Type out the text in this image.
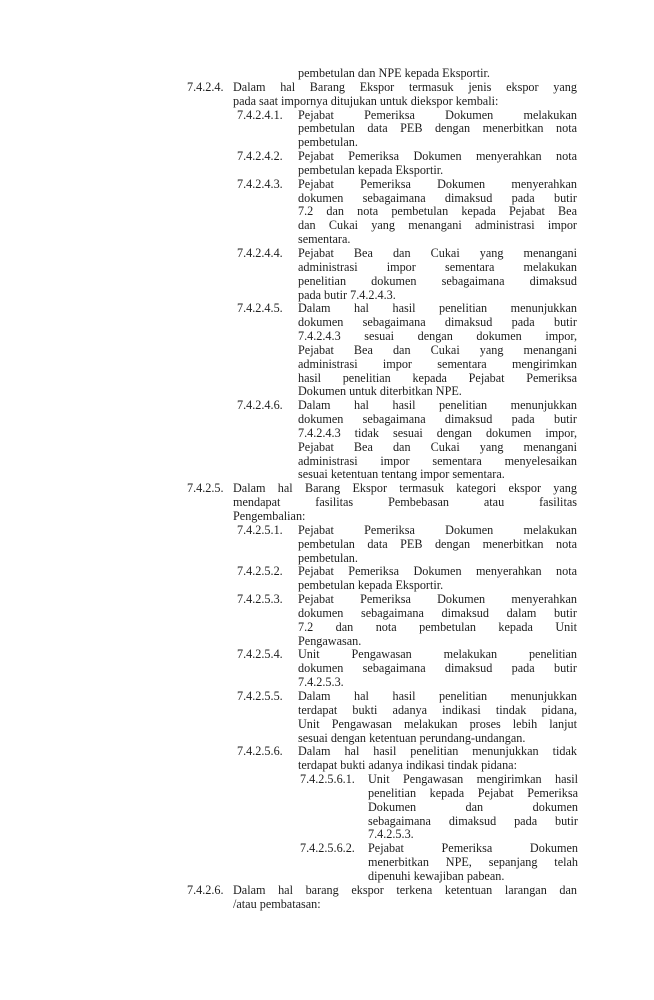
pembetulan dan NPE kepada Eksportir.
7.4.2.4. Dalam hal Barang Ekspor termasuk jenis ekspor yang
pada saat impornya ditujukan untuk diekspor kembali:
7.4.2.4.1. Pejabat Pemeriksa Dokumen melakukan
pembetulan data PEB dengan menerbitkan nota
pembetulan.
7.4.2.4.2. Pejabat Pemeriksa Dokumen menyerahkan nota
pembetulan kepada Eksportir.
7.4.2.4.3. Pejabat Pemeriksa Dokumen menyerahkan
dokumen sebagaimana dimaksud pada butir
7.2 dan nota pembetulan kepada Pejabat Bea
dan Cukai yang menangani administrasi impor
sementara.
7.4.2.4.4. Pejabat Bea dan Cukai yang menangani
administrasi impor sementara melakukan
penelitian dokumen sebagaimana dimaksud
pada butir 7.4.2.4.3.
7.4.2.4.5. Dalam hal hasil penelitian menunjukkan
dokumen sebagaimana dimaksud pada butir
7.4.2.4.3 sesuai dengan dokumen impor,
Pejabat Bea dan Cukai yang menangani
administrasi impor sementara mengirimkan
hasil penelitian kepada Pejabat Pemeriksa
Dokumen untuk diterbitkan NPE.
7.4.2.4.6. Dalam hal hasil penelitian menunjukkan
dokumen sebagaimana dimaksud pada butir
7.4.2.4.3 tidak sesuai dengan dokumen impor,
Pejabat Bea dan Cukai yang menangani
administrasi impor sementara menyelesaikan
sesuai ketentuan tentang impor sementara.
7.4.2.5. Dalam hal Barang Ekspor termasuk kategori ekspor yang
mendapat fasilitas Pembebasan atau fasilitas
Pengembalian:
7.4.2.5.1. Pejabat Pemeriksa Dokumen melakukan
pembetulan data PEB dengan menerbitkan nota
pembetulan.
7.4.2.5.2. Pejabat Pemeriksa Dokumen menyerahkan nota
pembetulan kepada Eksportir.
7.4.2.5.3. Pejabat Pemeriksa Dokumen menyerahkan
dokumen sebagaimana dimaksud dalam butir
7.2 dan nota pembetulan kepada Unit
Pengawasan.
7.4.2.5.4. Unit Pengawasan melakukan penelitian
dokumen sebagaimana dimaksud pada butir
7.4.2.5.3.
7.4.2.5.5. Dalam hal hasil penelitian menunjukkan
terdapat bukti adanya indikasi tindak pidana,
Unit Pengawasan melakukan proses lebih lanjut
sesuai dengan ketentuan perundang-undangan.
7.4.2.5.6. Dalam hal hasil penelitian menunjukkan tidak
terdapat bukti adanya indikasi tindak pidana:
7.4.2.5.6.1. Unit Pengawasan mengirimkan hasil
penelitian kepada Pejabat Pemeriksa
Dokumen dan dokumen
sebagaimana dimaksud pada butir
7.4.2.5.3.
7.4.2.5.6.2. Pejabat Pemeriksa Dokumen
menerbitkan NPE, sepanjang telah
dipenuhi kewajiban pabean.
7.4.2.6. Dalam hal barang ekspor terkena ketentuan larangan dan
/atau pembatasan:
